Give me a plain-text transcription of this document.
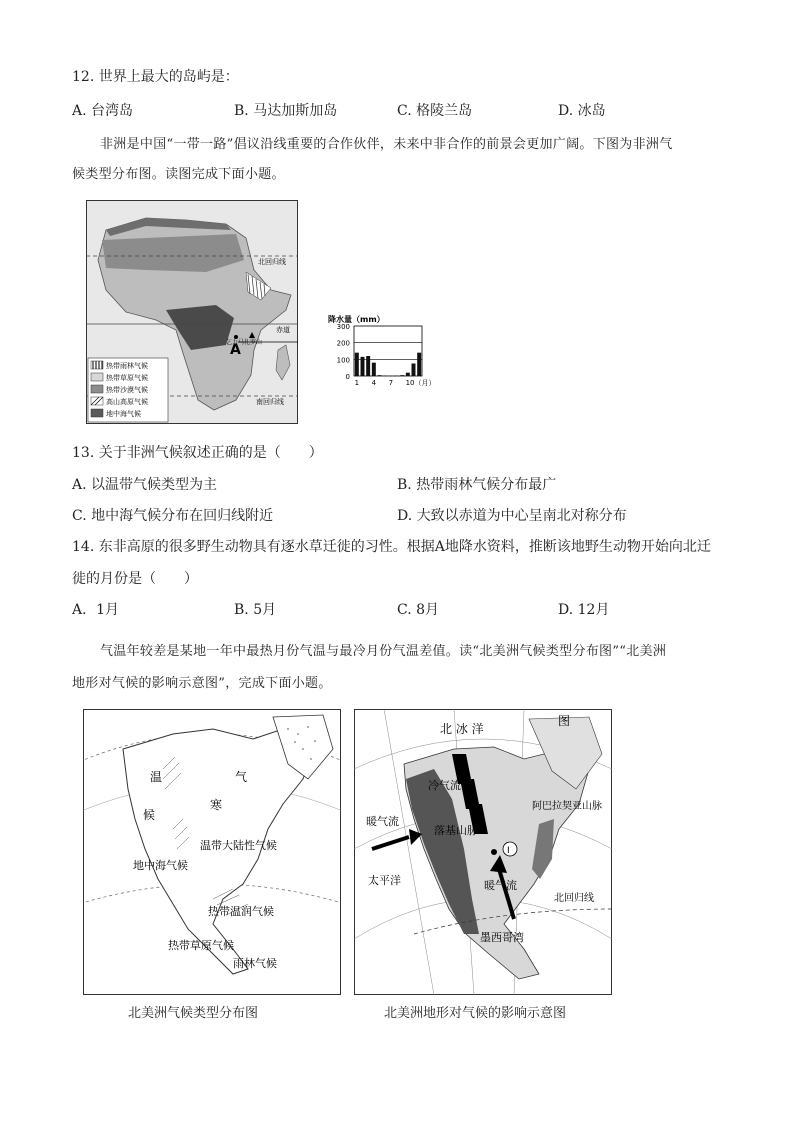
12. 世界上最大的岛屿是：
A. 台湾岛	B. 马达加斯加岛	C. 格陵兰岛	D. 冰岛
非洲是中国“一带一路”倡议沿线重要的合作伙伴，未来中非合作的前景会更加广阔。下图为非洲气
候类型分布图。读图完成下面小题。
北回归线
赤道
南回归线
A
乞力马扎罗山
热带雨林气候
热带草原气候
热带沙漠气候
高山高原气候
地中海气候
降水量（mm）
0
100
200
300
1 4 7 10（月）
13. 关于非洲气候叙述正确的是（　　）
A. 以温带气候类型为主	B. 热带雨林气候分布最广
C. 地中海气候分布在回归线附近	D. 大致以赤道为中心呈南北对称分布
14. 东非高原的很多野生动物具有逐水草迁徙的习性。根据A地降水资料，推断该地野生动物开始向北迁
徙的月份是（　　）
A．1月	B. 5月	C. 8月	D. 12月
气温年较差是某地一年中最热月份气温与最冷月份气温差值。读“北美洲气候类型分布图”“北美洲
地形对气候的影响示意图”，完成下面小题。
温	气
寒
候
温带大陆性气候
地中海气候
热带温润气候
热带草原气候
雨林气候
北美洲气候类型分布图
Ⅰ
北 冰 洋
图
暖气流
太平洋
冷气流
落基山脉
阿巴拉契亚山脉
暖气流
墨西哥湾
北回归线
北美洲地形对气候的影响示意图
